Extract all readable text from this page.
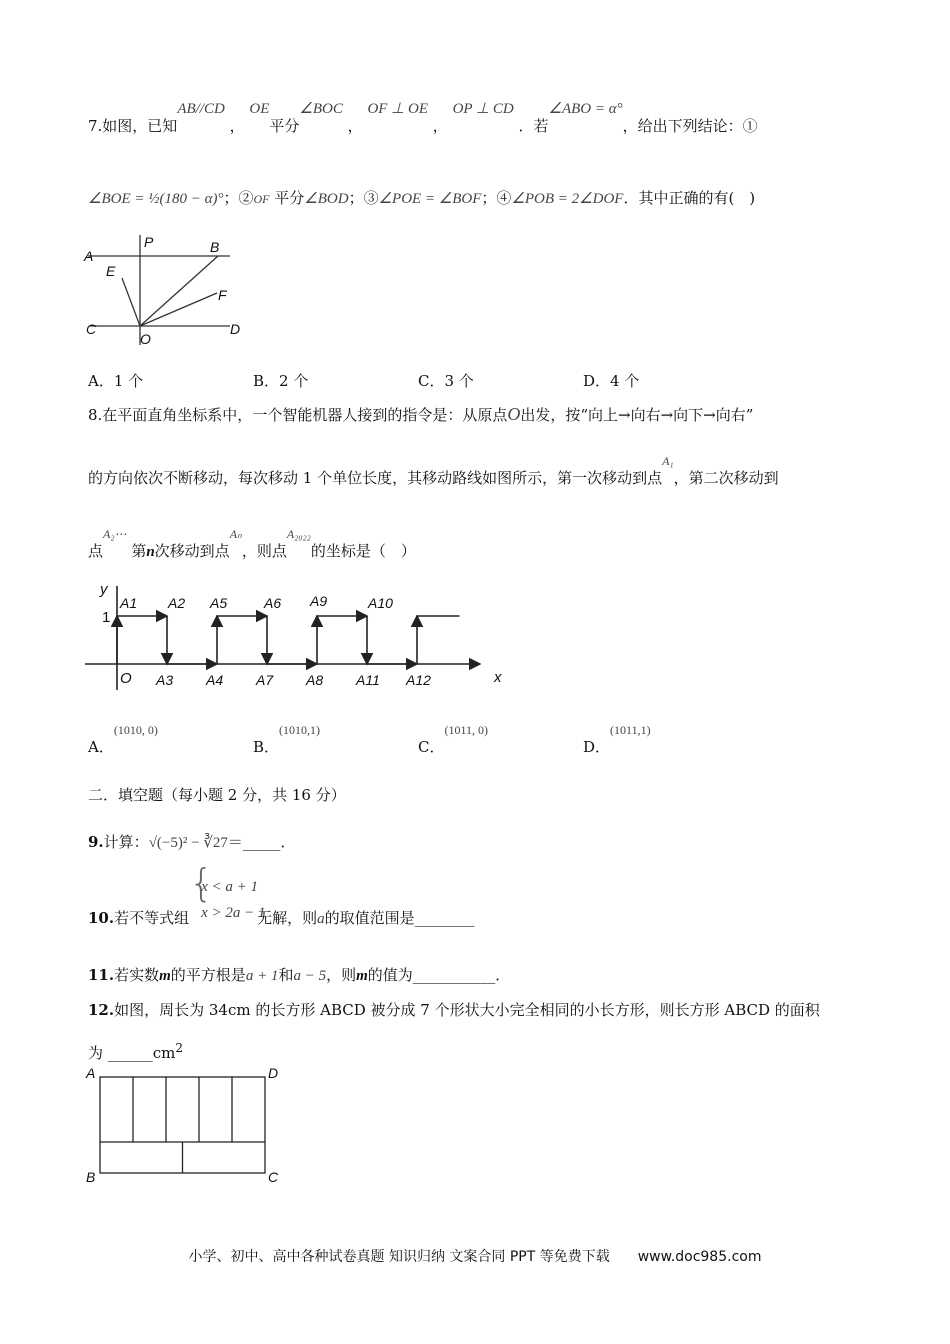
7.如图，已知AB//CD ， OE平分∠BOC ， OF ⊥ OE ， OP ⊥ CD ．若∠ABO = α°，给出下列结论：①
∠BOE = ½(180 − α)°；②OF 平分∠BOD；③∠POE = ∠BOF；④∠POB = 2∠DOF．其中正确的有(　)
A
P	B
E
F
C
O
D
A．1 个	B．2 个	C．3 个	D．4 个
8.在平面直角坐标系中，一个智能机器人接到的指令是：从原点O出发，按“向上→向右→向下→向右”
的方向依次不断移动，每次移动 1 个单位长度，其移动路线如图所示，第一次移动到点$^{A_1}$，第二次移动到
点$^{A_2\cdots}$ 第n次移动到点$^{A_n}$，则点$^{A_{2022}}$的坐标是（　）
y
x
1
O
A1 A2
A3 A4
A5	A6
A7 A8
A9	A10
A11 A12
A．$^{(1010, 0)}$
B．$^{(1010,1)}$
C．$^{(1011, 0)}$
D．$^{(1011,1)}$
二．填空题（每小题 2 分，共 16 分）
9.计算：√(−5)² − ∛27＝_____．
10.若不等式组
{
x < a + 1
x > 2a − 1
无解，则a的取值范围是________
11.若实数m的平方根是a + 1和a − 5，则m的值为___________．
12.如图，周长为 34cm 的长方形 ABCD 被分成 7 个形状大小完全相同的小长方形，则长方形 ABCD 的面积
为 $\_\_\_\_\_\_cm^2$
A	D
B	C
小学、初中、高中各种试卷真题 知识归纳 文案合同 PPT 等免费下载　　www.doc985.com
